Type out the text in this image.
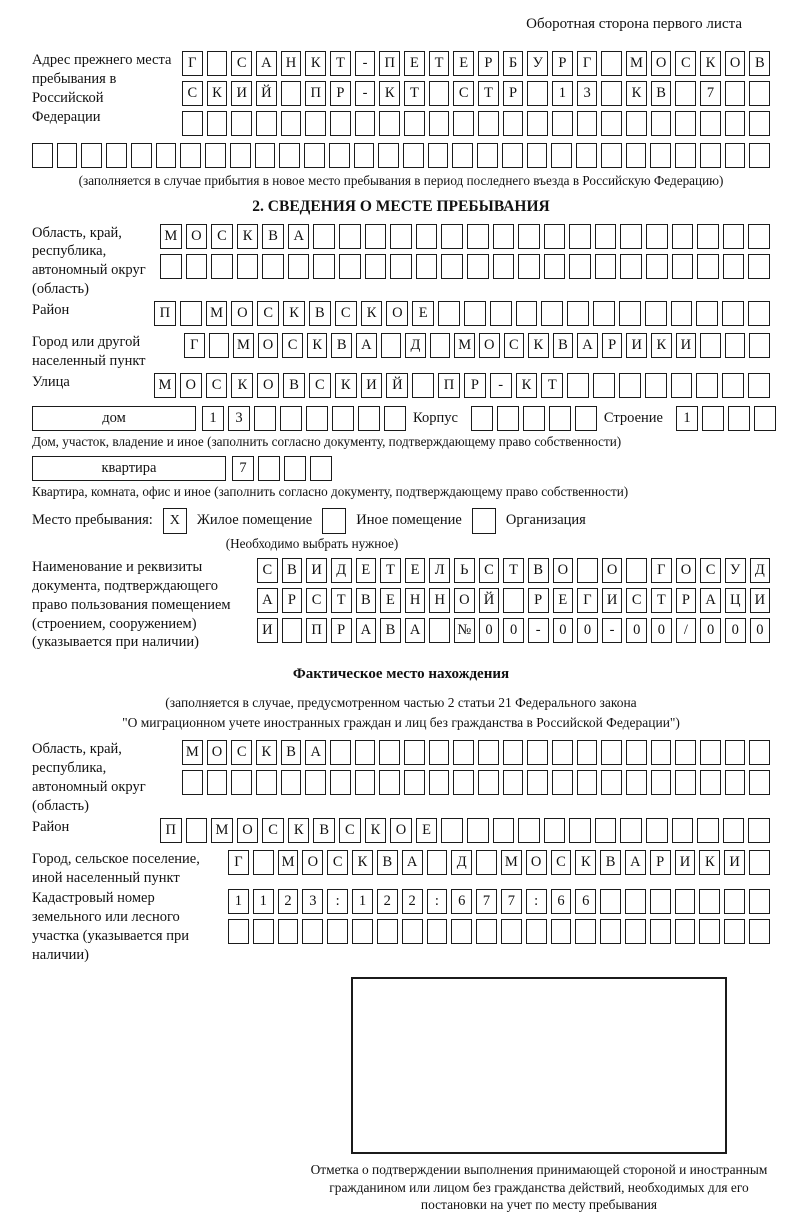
Оборотная сторона первого листа
Адрес прежнего места пребывания в Российской Федерации
Г	С	А Н	К	Т	-	П	Е	Т	Е	Р	Б	У	Р	Г	М О	С	К	О	В
С	К	И Й	П	Р	-	К	Т	С	Т	Р	1	3	К	В	7
(заполняется в случае прибытия в новое место пребывания в период последнего въезда в Российскую Федерацию)
2. СВЕДЕНИЯ О МЕСТЕ ПРЕБЫВАНИЯ
Область, край, республика, автономный округ (область)
М О	С	К	В	А
Район	П	М О	С	К	В	С	К	О	Е
Город или другой населенный пункт
Г	М О	С	К	В	А	Д	М О	С	К	В	А	Р	И	К	И
Улица	М О	С	К	О	В	С	К	И	Й	П	Р	-	К	Т
дом	1	3	Корпус	Строение	1
Дом, участок, владение и иное (заполнить согласно документу, подтверждающему право собственности)
квартира	7
Квартира, комната, офис и иное (заполнить согласно документу, подтверждающему право собственности)
Место пребывания:	X	Жилое помещение	Иное помещение	Организация
(Необходимо выбрать нужное)
Наименование и реквизиты документа, подтверждающего право пользования помещением (строением, сооружением) (указывается при наличии)
С	В	И Д	Е	Т	Е	Л	Ь	С	Т	В	О	О	Г	О	С	У	Д
А	Р	С	Т	В	Е	Н Н О Й	Р	Е	Г	И	С	Т	Р	А Ц И
И	П	Р	А	В	А	№ 0	0	-	0	0	-	0	0	/	0	0	0
Фактическое место нахождения
(заполняется в случае, предусмотренном частью 2 статьи 21 Федерального закона
"О миграционном учете иностранных граждан и лиц без гражданства в Российской Федерации")
Область, край, республика, автономный округ (область)
М О	С	К	В	А
Район	П	М О	С	К	В	С	К	О	Е
Город, сельское поселение, иной населенный пункт
Г	М О	С	К	В	А	Д	М О	С	К	В	А	Р	И	К	И
Кадастровый номер земельного или лесного участка (указывается при наличии)
1	1	2	3	:	1	2	2	:	6	7	7	:	6	6
Отметка о подтверждении выполнения принимающей стороной и иностранным гражданином или лицом без гражданства действий, необходимых для его постановки на учет по месту пребывания
